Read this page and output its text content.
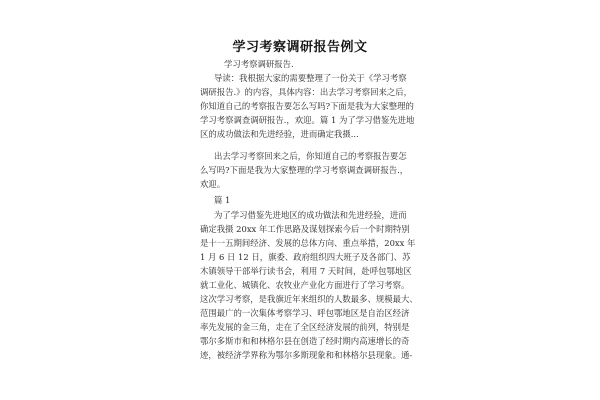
学习考察调研报告例文
学习考察调研报告.
导读：我根据大家的需要整理了一份关于《学习考察
调研报告.》的内容，具体内容：出去学习考察回来之后，
你知道自己的考察报告要怎么写吗?下面是我为大家整理的
学习考察调查调研报告.，欢迎。篇 1 为了学习借鉴先进地
区的成功做法和先进经验，进而确定我摄...
出去学习考察回来之后，你知道自己的考察报告要怎
么写吗?下面是我为大家整理的学习考察调查调研报告.，
欢迎。
篇 1
为了学习借鉴先进地区的成功做法和先进经验，进而
确定我摄 20xx 年工作思路及谋划探索今后一个时期特别
是十一五期间经济、发展的总体方向、重点举措，20xx 年
1 月 6 日 12 日，旗委、政府组织四大班子及各部门、苏
木镇领导干部举行读书会，利用 7 天时间，赴呼包鄂地区
就工业化、城镇化、农牧业产业化方面进行了学习考察。
这次学习考察，是我旗近年来组织的人数最多、规模最大、
范围最广的一次集体考察学习、呼包鄂地区是自治区经济
率先发展的金三角，走在了全区经济发展的前列，特别是
鄂尔多斯市和和林格尔县在创造了经时期内高速增长的奇
迹，被经济学界称为鄂尔多斯现象和和林格尔县现象。通-
